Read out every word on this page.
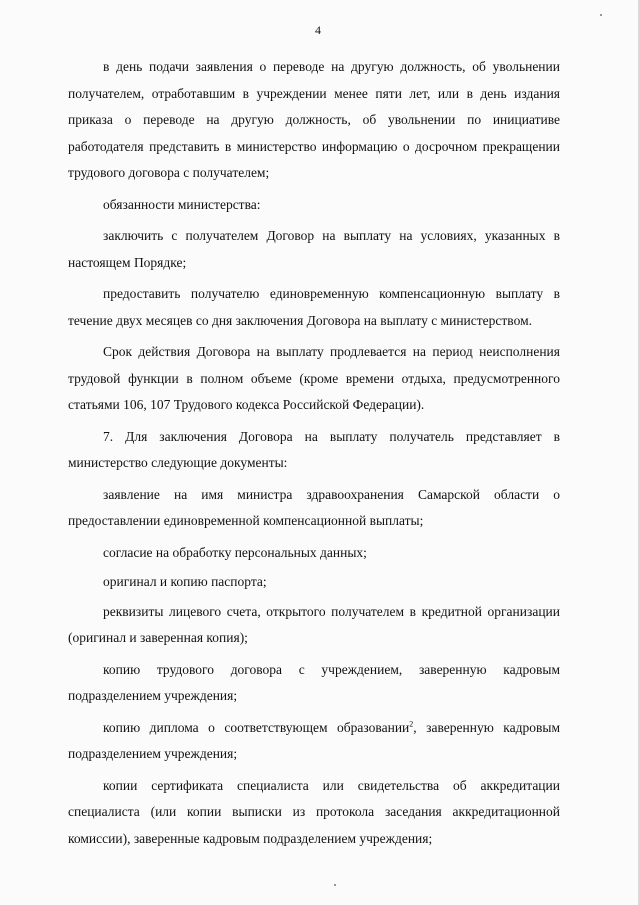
4

в день подачи заявления о переводе на другую должность, об увольнении получателем, отработавшим в учреждении менее пяти лет, или в день издания приказа о переводе на другую должность, об увольнении по инициативе работодателя представить в министерство информацию о досрочном прекращении трудового договора с получателем;

обязанности министерства:

заключить с получателем Договор на выплату на условиях, указанных в настоящем Порядке;

предоставить получателю единовременную компенсационную выплату в течение двух месяцев со дня заключения Договора на выплату с министерством.

Срок действия Договора на выплату продлевается на период неисполнения трудовой функции в полном объеме (кроме времени отдыха, предусмотренного статьями 106, 107 Трудового кодекса Российской Федерации).

7. Для заключения Договора на выплату получатель представляет в министерство следующие документы:

заявление на имя министра здравоохранения Самарской области о предоставлении единовременной компенсационной выплаты;

согласие на обработку персональных данных;

оригинал и копию паспорта;

реквизиты лицевого счета, открытого получателем в кредитной организации (оригинал и заверенная копия);

копию трудового договора с учреждением, заверенную кадровым подразделением учреждения;

копию диплома о соответствующем образовании$^2$, заверенную кадровым подразделением учреждения;

копии сертификата специалиста или свидетельства об аккредитации специалиста (или копии выписки из протокола заседания аккредитационной комиссии), заверенные кадровым подразделением учреждения;
